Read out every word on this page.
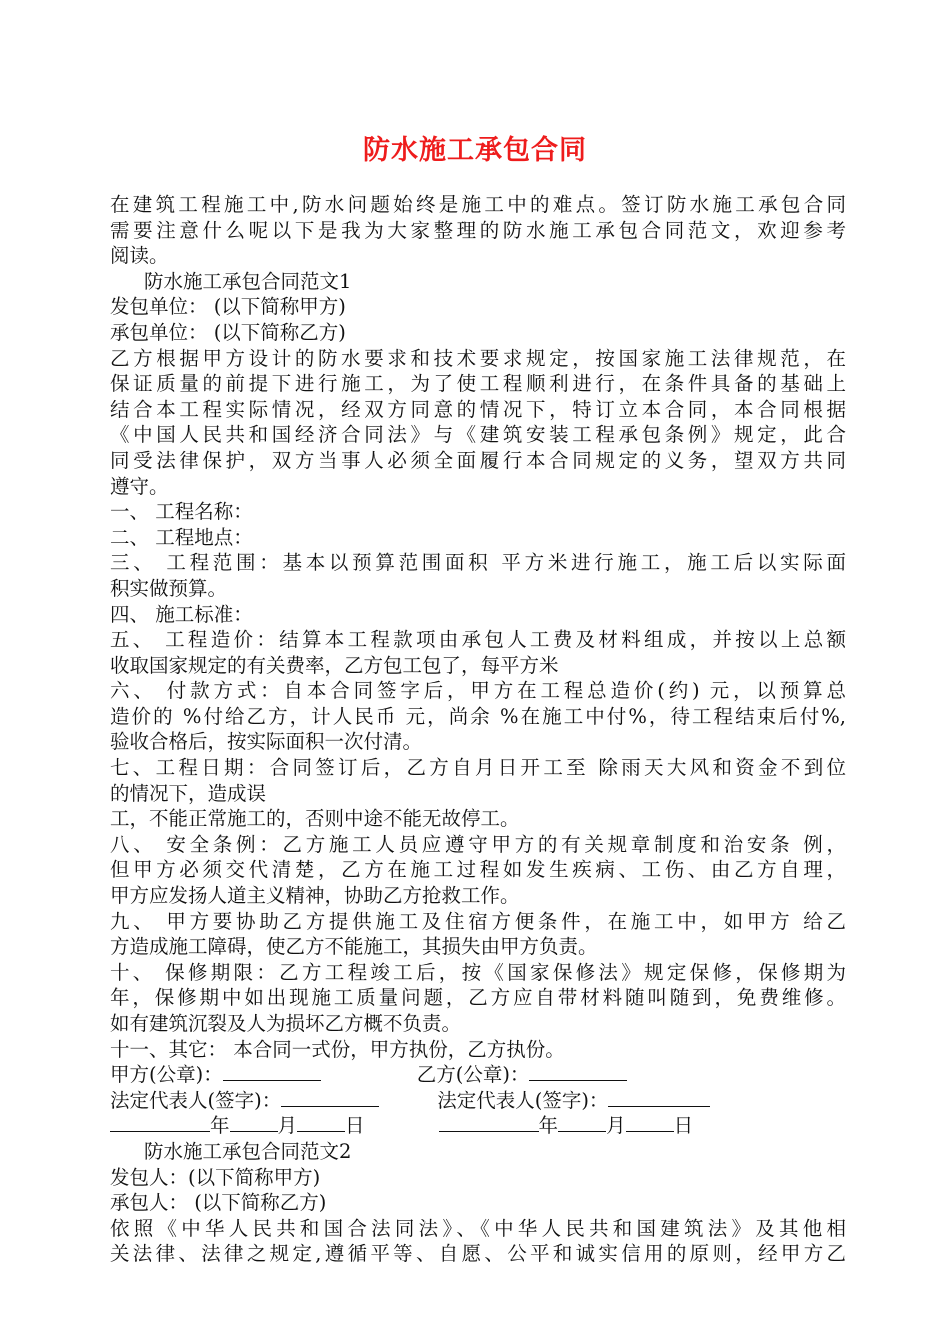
防水施工承包合同
在建筑工程施工中,防水问题始终是施工中的难点。签订防水施工承包合同
需要注意什么呢以下是我为大家整理的防水施工承包合同范文，欢迎参考
阅读。
防水施工承包合同范文1
发包单位： (以下简称甲方)
承包单位： (以下简称乙方)
乙方根据甲方设计的防水要求和技术要求规定，按国家施工法律规范，在
保证质量的前提下进行施工，为了使工程顺利进行，在条件具备的基础上
结合本工程实际情况，经双方同意的情况下，特订立本合同，本合同根据
《中国人民共和国经济合同法》与《建筑安装工程承包条例》规定，此合
同受法律保护，双方当事人必须全面履行本合同规定的义务，望双方共同
遵守。
一、 工程名称：
二、 工程地点：
三、 工程范围：基本以预算范围面积 平方米进行施工，施工后以实际面
积实做预算。
四、 施工标准：
五、 工程造价：结算本工程款项由承包人工费及材料组成，并按以上总额
收取国家规定的有关费率，乙方包工包了，每平方米
六、 付款方式：自本合同签字后，甲方在工程总造价(约) 元，以预算总
造价的 %付给乙方，计人民币 元，尚余 %在施工中付%，待工程结束后付%,
验收合格后，按实际面积一次付清。
七、工程日期：合同签订后，乙方自月日开工至 除雨天大风和资金不到位
的情况下，造成误
工，不能正常施工的，否则中途不能无故停工。
八、 安全条例：乙方施工人员应遵守甲方的有关规章制度和治安条 例，
但甲方必须交代清楚，乙方在施工过程如发生疾病、工伤、由乙方自理，
甲方应发扬人道主义精神，协助乙方抢救工作。
九、 甲方要协助乙方提供施工及住宿方便条件，在施工中，如甲方 给乙
方造成施工障碍，使乙方不能施工，其损失由甲方负责。
十、 保修期限：乙方工程竣工后，按《国家保修法》规定保修，保修期为
年，保修期中如出现施工质量问题，乙方应自带材料随叫随到，免费维修。
如有建筑沉裂及人为损坏乙方概不负责。
十一、其它： 本合同一式份，甲方执份，乙方执份。
甲方(公章)：	乙方(公章)：
法定代表人(签字)：	法定代表人(签字)：
年 月 日	年 月 日
防水施工承包合同范文2
发包人：(以下简称甲方)
承包人： (以下简称乙方)
依照《中华人民共和国合法同法》、《中华人民共和国建筑法》及其他相
关法律、法律之规定,遵循平等、自愿、公平和诚实信用的原则，经甲方乙
